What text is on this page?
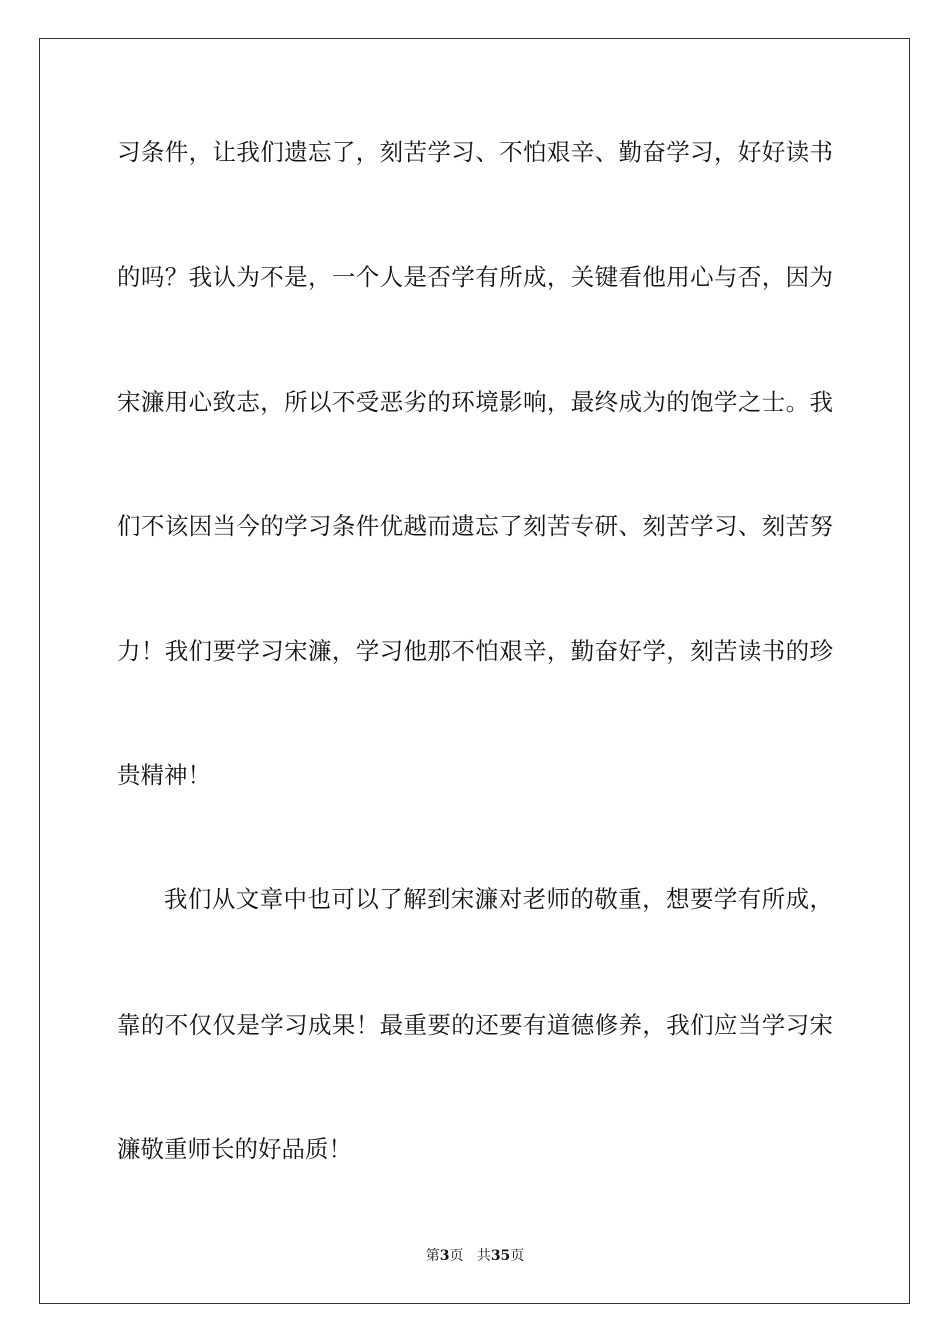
习条件，让我们遗忘了，刻苦学习、不怕艰辛、勤奋学习，好好读书
的吗？我认为不是，一个人是否学有所成，关键看他用心与否，因为
宋濂用心致志，所以不受恶劣的环境影响，最终成为的饱学之士。我
们不该因当今的学习条件优越而遗忘了刻苦专研、刻苦学习、刻苦努
力！我们要学习宋濂，学习他那不怕艰辛，勤奋好学，刻苦读书的珍
贵精神！
我们从文章中也可以了解到宋濂对老师的敬重，想要学有所成，
靠的不仅仅是学习成果！最重要的还要有道德修养，我们应当学习宋
濂敬重师长的好品质！
第3页 共35页
